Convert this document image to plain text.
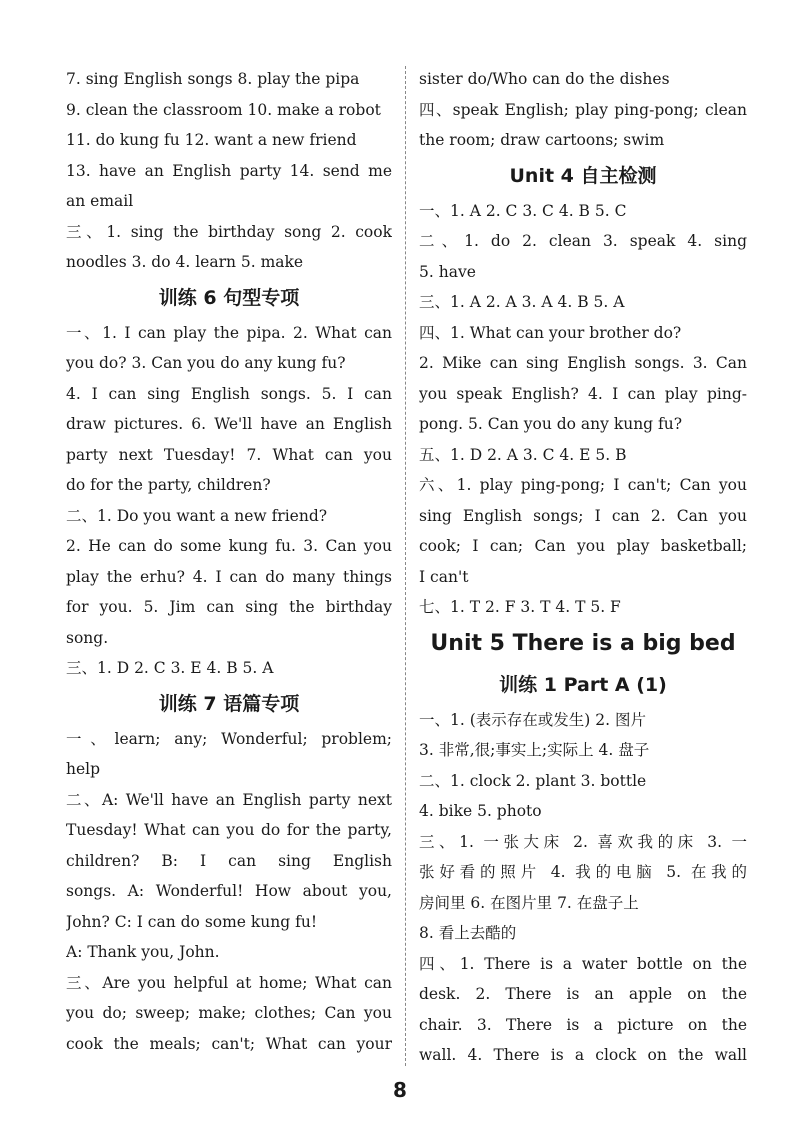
7. sing English songs 8. play the pipa
9. clean the classroom 10. make a robot
11. do kung fu 12. want a new friend
13. have an English party 14. send me
an email
三、1. sing the birthday song 2. cook
noodles 3. do 4. learn 5. make
训练 6 句型专项
一、1. I can play the pipa. 2. What can
you do? 3. Can you do any kung fu?
4. I can sing English songs. 5. I can
draw pictures. 6. We'll have an English
party next Tuesday! 7. What can you
do for the party, children?
二、1. Do you want a new friend?
2. He can do some kung fu. 3. Can you
play the erhu? 4. I can do many things
for you. 5. Jim can sing the birthday
song.
三、1. D 2. C 3. E 4. B 5. A
训练 7 语篇专项
一、learn; any; Wonderful; problem;
help
二、A: We'll have an English party next
Tuesday! What can you do for the party,
children? B: I can sing English
songs. A: Wonderful! How about you,
John? C: I can do some kung fu!
A: Thank you, John.
三、Are you helpful at home; What can
you do; sweep; make; clothes; Can you
cook the meals; can't; What can your
sister do/Who can do the dishes
四、speak English; play ping-pong; clean
the room; draw cartoons; swim
Unit 4 自主检测
一、1. A 2. C 3. C 4. B 5. C
二、1. do 2. clean 3. speak 4. sing
5. have
三、1. A 2. A 3. A 4. B 5. A
四、1. What can your brother do?
2. Mike can sing English songs. 3. Can
you speak English? 4. I can play ping-
pong. 5. Can you do any kung fu?
五、1. D 2. A 3. C 4. E 5. B
六、1. play ping-pong; I can't; Can you
sing English songs; I can 2. Can you
cook; I can; Can you play basketball;
I can't
七、1. T 2. F 3. T 4. T 5. F
Unit 5 There is a big bed
训练 1 Part A (1)
一、1. (表示存在或发生) 2. 图片
3. 非常,很;事实上;实际上 4. 盘子
二、1. clock 2. plant 3. bottle
4. bike 5. photo
三、1. 一张大床 2. 喜欢我的床 3. 一
张好看的照片 4. 我的电脑 5. 在我的
房间里 6. 在图片里 7. 在盘子上
8. 看上去酷的
四、1. There is a water bottle on the
desk. 2. There is an apple on the
chair. 3. There is a picture on the
wall. 4. There is a clock on the wall
8
